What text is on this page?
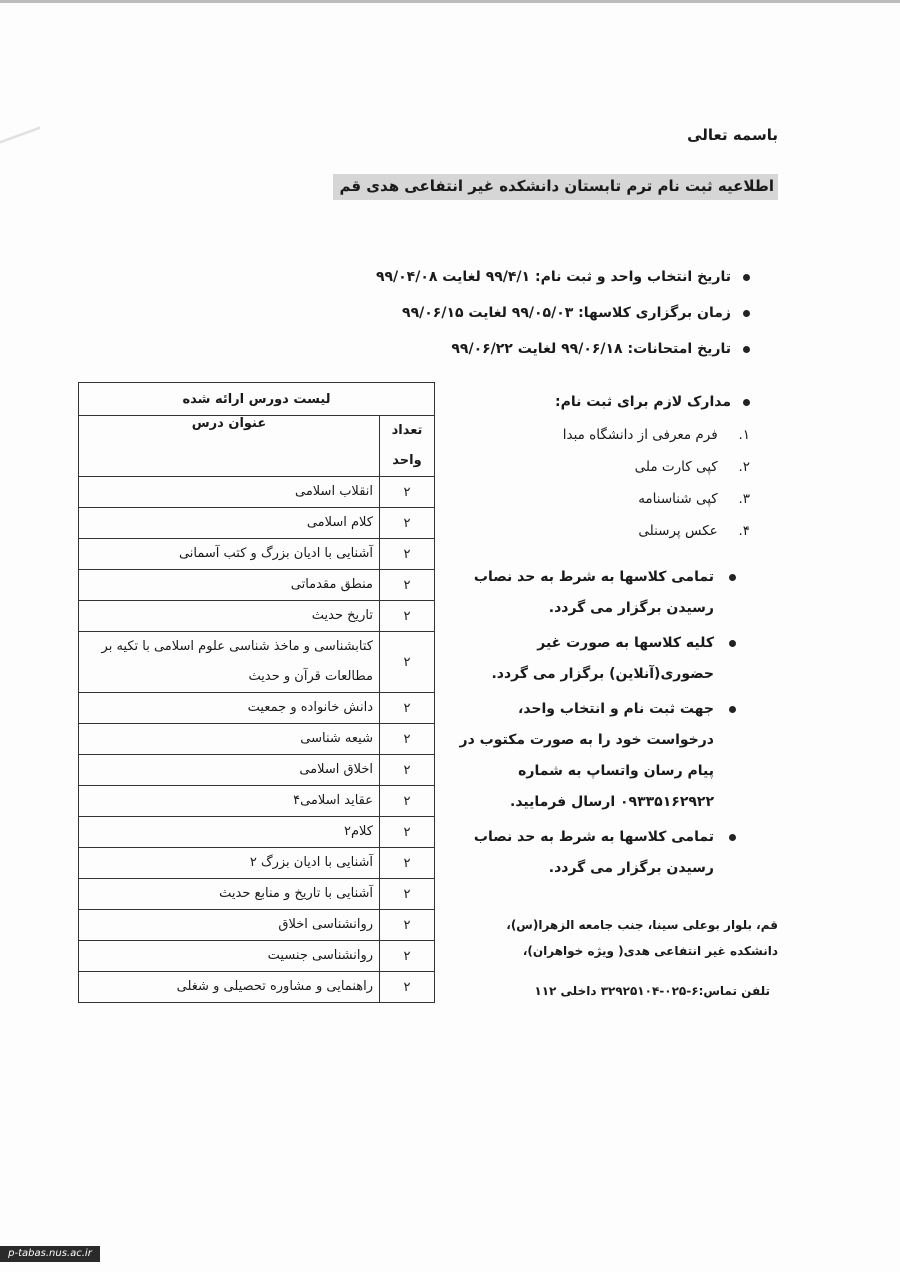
باسمه تعالی
اطلاعیه ثبت نام ترم تابستان دانشکده غیر انتفاعی هدی قم
تاریخ انتخاب واحد و ثبت نام: ۹۹/۴/۱ لغایت ۹۹/۰۴/۰۸
زمان برگزاری کلاسها: ۹۹/۰۵/۰۳ لغایت ۹۹/۰۶/۱۵
تاریخ امتحانات: ۹۹/۰۶/۱۸ لغایت ۹۹/۰۶/۲۲
مدارک لازم برای ثبت نام:
۱. فرم معرفی از دانشگاه مبدا
۲. کپی کارت ملی
۳. کپی شناسنامه
۴. عکس پرسنلی
تمامی کلاسها به شرط به حد نصاب رسیدن برگزار می گردد.
کلیه کلاسها به صورت غیر حضوری(آنلاین) برگزار می گردد.
جهت ثبت نام و انتخاب واحد، درخواست خود را به صورت مکتوب در پیام رسان واتساپ به شماره ۰۹۳۳۵۱۶۲۹۲۲ ارسال فرمایید.
تمامی کلاسها به شرط به حد نصاب رسیدن برگزار می گردد.
قم، بلوار بوعلی سینا، جنب جامعه الزهرا(س)، دانشکده غیر انتفاعی هدی( ویژه خواهران)،
تلفن تماس:۶-۰۲۵-۳۲۹۲۵۱۰۴ داخلی ۱۱۲
لیست دورس ارائه شده	
تعداد واحد	عنوان درس
۲	انقلاب اسلامی
۲	کلام اسلامی
۲	آشنایی با ادیان بزرگ و کتب آسمانی
۲	منطق مقدماتی
۲	تاریخ حدیث
۲	کتابشناسی و ماخذ شناسی علوم اسلامی با تکیه بر مطالعات قرآن و حدیث
۲	دانش خانواده و جمعیت
۲	شیعه شناسی
۲	اخلاق اسلامی
۲	عقاید اسلامی۴
۲	کلام۲
۲	آشنایی با ادیان بزرگ ۲
۲	آشنایی با تاریخ و منابع حدیث
۲	روانشناسی اخلاق
۲	روانشناسی جنسیت
۲	راهنمایی و مشاوره تحصیلی و شغلی
p-tabas.nus.ac.ir
